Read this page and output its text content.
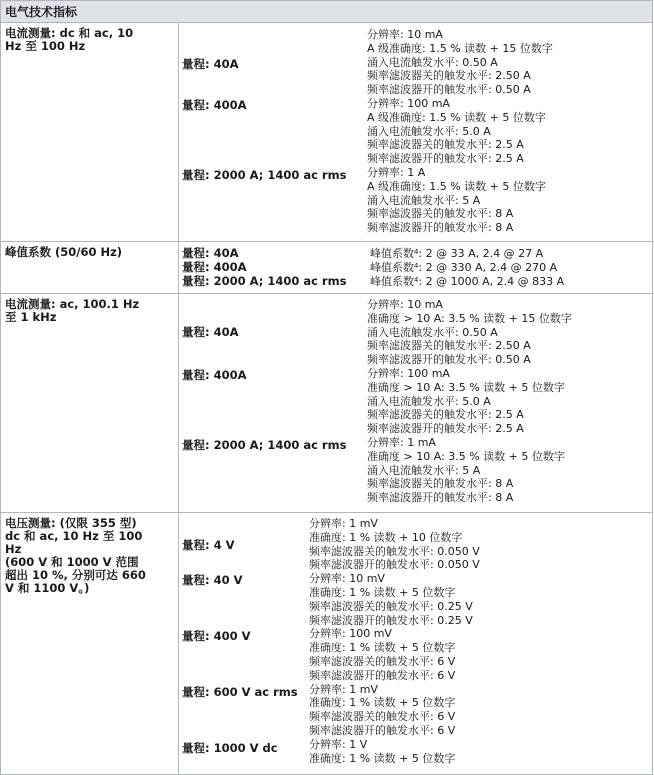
电气技术指标
电流测量: dc 和 ac, 10
Hz 至 100 Hz
量程: 40A
量程: 400A
量程: 2000 A; 1400 ac rms
分辨率: 10 mA
A 级准确度: 1.5 % 读数 + 15 位数字
涌入电流触发水平: 0.50 A
频率滤波器关的触发水平: 2.50 A
频率滤波器开的触发水平: 0.50 A
分辨率: 100 mA
A 级准确度: 1.5 % 读数 + 5 位数字
涌入电流触发水平: 5.0 A
频率滤波器关的触发水平: 2.5 A
频率滤波器开的触发水平: 2.5 A
分辨率: 1 A
A 级准确度: 1.5 % 读数 + 5 位数字
涌入电流触发水平: 5 A
频率滤波器关的触发水平: 8 A
频率滤波器开的触发水平: 8 A
峰值系数 (50/60 Hz)	量程: 40A
量程: 400A
量程: 2000 A; 1400 ac rms
峰值系数⁴: 2 @ 33 A, 2.4 @ 27 A
峰值系数⁴: 2 @ 330 A, 2.4 @ 270 A
峰值系数⁴: 2 @ 1000 A, 2.4 @ 833 A
电流测量: ac, 100.1 Hz
至 1 kHz
量程: 40A
量程: 400A
量程: 2000 A; 1400 ac rms
分辨率: 10 mA
准确度 > 10 A: 3.5 % 读数 + 15 位数字
涌入电流触发水平: 0.50 A
频率滤波器关的触发水平: 2.50 A
频率滤波器开的触发水平: 0.50 A
分辨率: 100 mA
准确度 > 10 A: 3.5 % 读数 + 5 位数字
涌入电流触发水平: 5.0 A
频率滤波器关的触发水平: 2.5 A
频率滤波器开的触发水平: 2.5 A
分辨率: 1 mA
准确度 > 10 A: 3.5 % 读数 + 5 位数字
涌入电流触发水平: 5 A
频率滤波器关的触发水平: 8 A
频率滤波器开的触发水平: 8 A
电压测量: (仅限 355 型)
dc 和 ac, 10 Hz 至 100
Hz
(600 V 和 1000 V 范围
超出 10 %, 分别可达 660
V 和 1100 V。)
量程: 4 V
量程: 40 V
量程: 400 V
量程: 600 V ac rms
量程: 1000 V dc
分辨率: 1 mV
准确度: 1 % 读数 + 10 位数字
频率滤波器关的触发水平: 0.050 V
频率滤波器开的触发水平: 0.050 V
分辨率: 10 mV
准确度: 1 % 读数 + 5 位数字
频率滤波器关的触发水平: 0.25 V
频率滤波器开的触发水平: 0.25 V
分辨率: 100 mV
准确度: 1 % 读数 + 5 位数字
频率滤波器关的触发水平: 6 V
频率滤波器开的触发水平: 6 V
分辨率: 1 mV
准确度: 1 % 读数 + 5 位数字
频率滤波器关的触发水平: 6 V
频率滤波器开的触发水平: 6 V
分辨率: 1 V
准确度: 1 % 读数 + 5 位数字
